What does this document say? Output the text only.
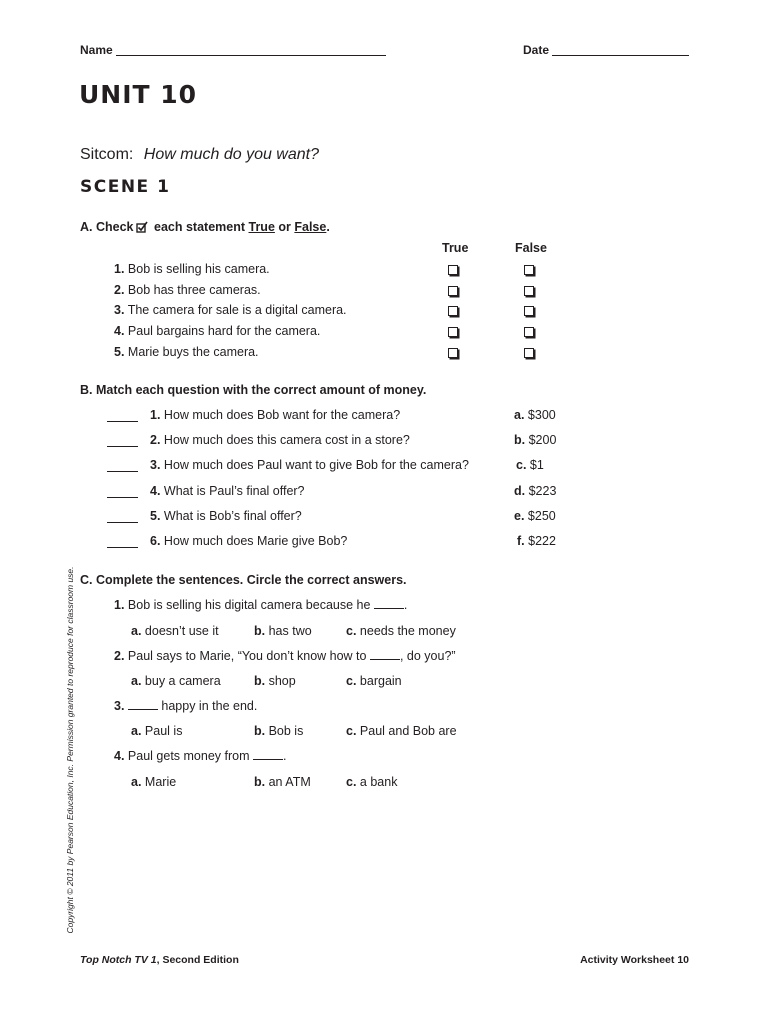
Name	Date
UNIT 10
Sitcom: How much do you want?
SCENE 1
A. Check each statement True or False.
True	False
1. Bob is selling his camera.
2. Bob has three cameras.
3. The camera for sale is a digital camera.
4. Paul bargains hard for the camera.
5. Marie buys the camera.
B. Match each question with the correct amount of money.
1. How much does Bob want for the camera?	a. $300
2. How much does this camera cost in a store?	b. $200
3. How much does Paul want to give Bob for the camera?	c. $1
4. What is Paul’s final offer?	d. $223
5. What is Bob’s final offer?	e. $250
6. How much does Marie give Bob?	f. $222
C. Complete the sentences. Circle the correct answers.
1. Bob is selling his digital camera because he	.
a. doesn’t use it	b. has two	c. needs the money
2. Paul says to Marie, “You don’t know how to	, do you?”
a. buy a camera	b. shop	c. bargain
3.	happy in the end.
a. Paul is	b. Bob is	c. Paul and Bob are
4. Paul gets money from	.
a. Marie	b. an ATM	c. a bank
Copyright © 2011 by Pearson Education, Inc. Permission granted to reproduce for classroom use.
Top Notch TV 1, Second Edition	Activity Worksheet 10
